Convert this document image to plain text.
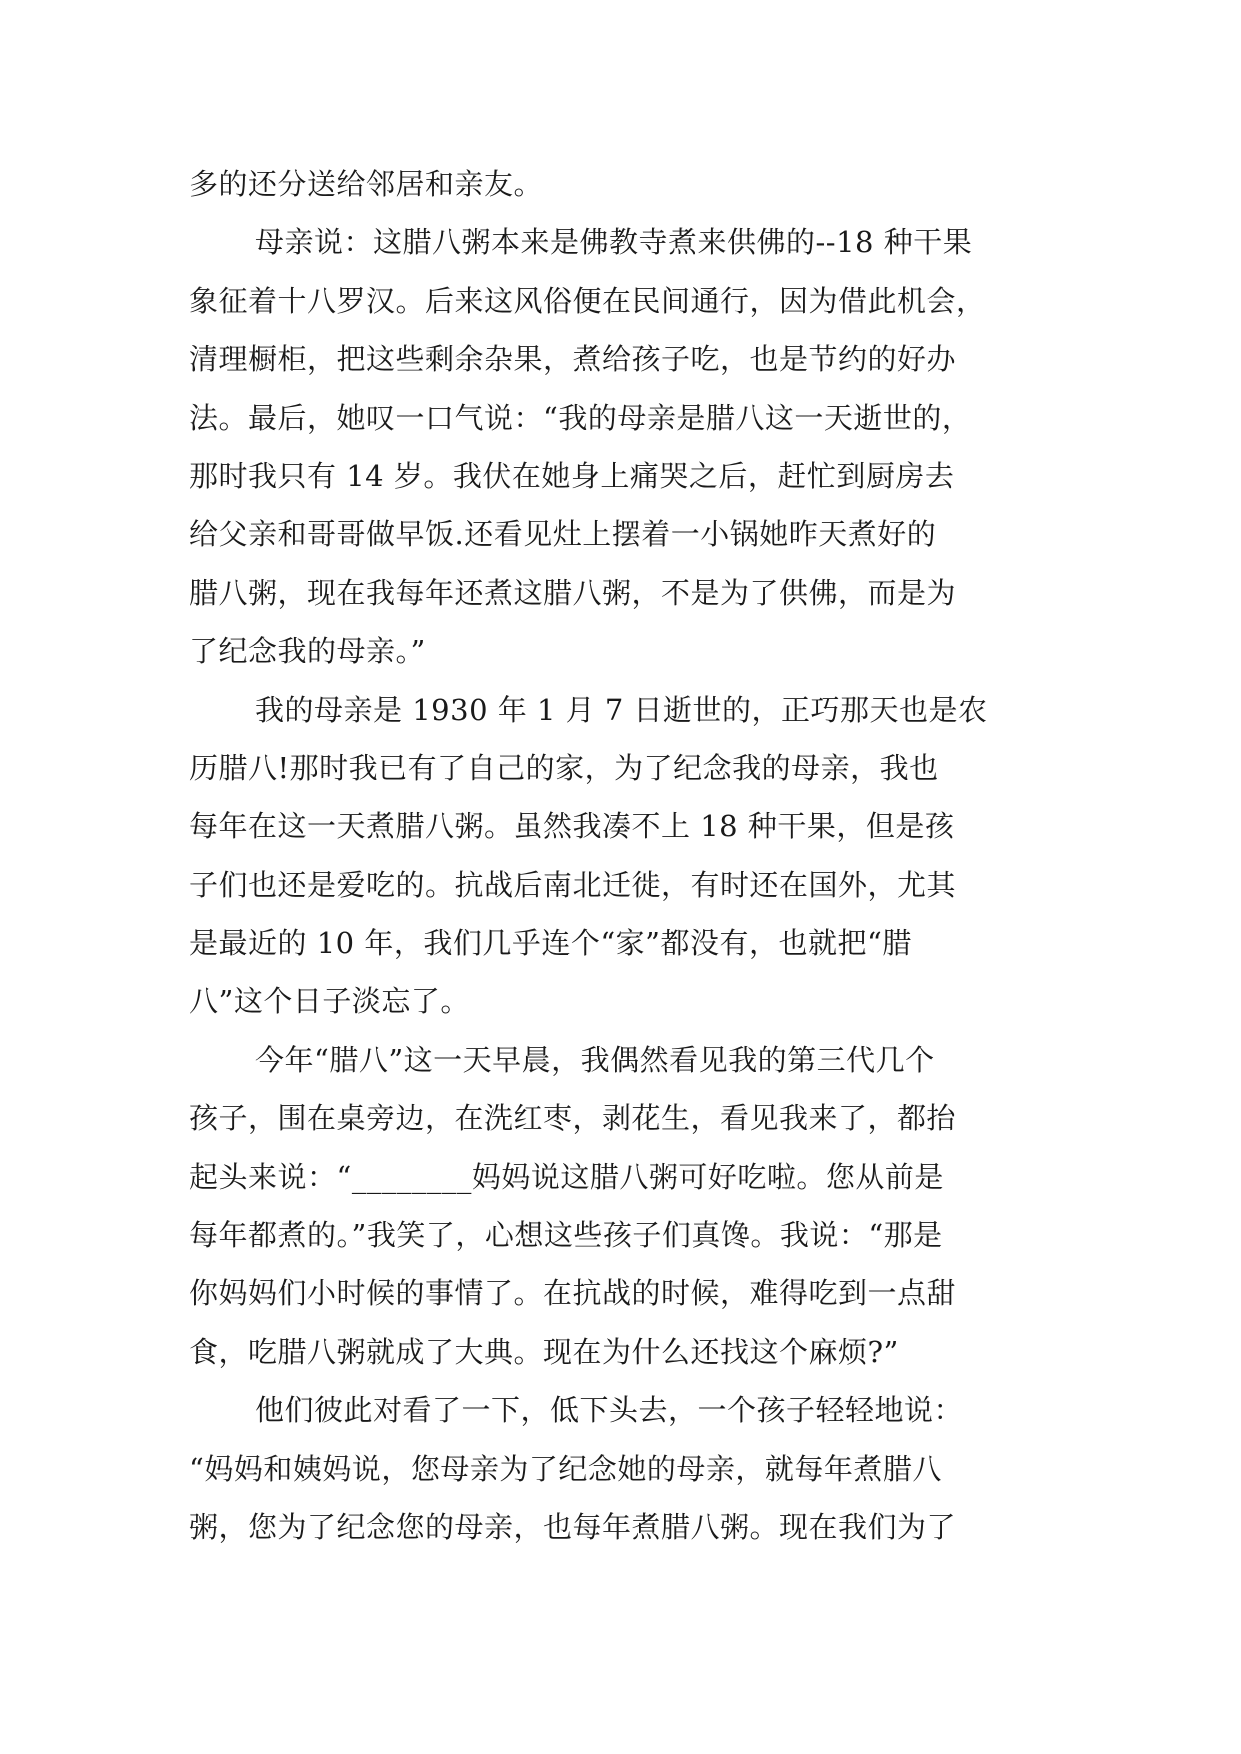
多的还分送给邻居和亲友。
母亲说：这腊八粥本来是佛教寺煮来供佛的--18 种干果
象征着十八罗汉。后来这风俗便在民间通行，因为借此机会，
清理橱柜，把这些剩余杂果，煮给孩子吃，也是节约的好办
法。最后，她叹一口气说：“我的母亲是腊八这一天逝世的，
那时我只有 14 岁。我伏在她身上痛哭之后，赶忙到厨房去
给父亲和哥哥做早饭.还看见灶上摆着一小锅她昨天煮好的
腊八粥，现在我每年还煮这腊八粥，不是为了供佛，而是为
了纪念我的母亲。”
我的母亲是 1930 年 1 月 7 日逝世的，正巧那天也是农
历腊八!那时我已有了自己的家，为了纪念我的母亲，我也
每年在这一天煮腊八粥。虽然我凑不上 18 种干果，但是孩
子们也还是爱吃的。抗战后南北迁徙，有时还在国外，尤其
是最近的 10 年，我们几乎连个“家”都没有，也就把“腊
八”这个日子淡忘了。
今年“腊八”这一天早晨，我偶然看见我的第三代几个
孩子，围在桌旁边，在洗红枣，剥花生，看见我来了，都抬
起头来说：“________妈妈说这腊八粥可好吃啦。您从前是
每年都煮的。”我笑了，心想这些孩子们真馋。我说：“那是
你妈妈们小时候的事情了。在抗战的时候，难得吃到一点甜
食，吃腊八粥就成了大典。现在为什么还找这个麻烦?”
他们彼此对看了一下，低下头去，一个孩子轻轻地说：
“妈妈和姨妈说，您母亲为了纪念她的母亲，就每年煮腊八
粥，您为了纪念您的母亲，也每年煮腊八粥。现在我们为了
